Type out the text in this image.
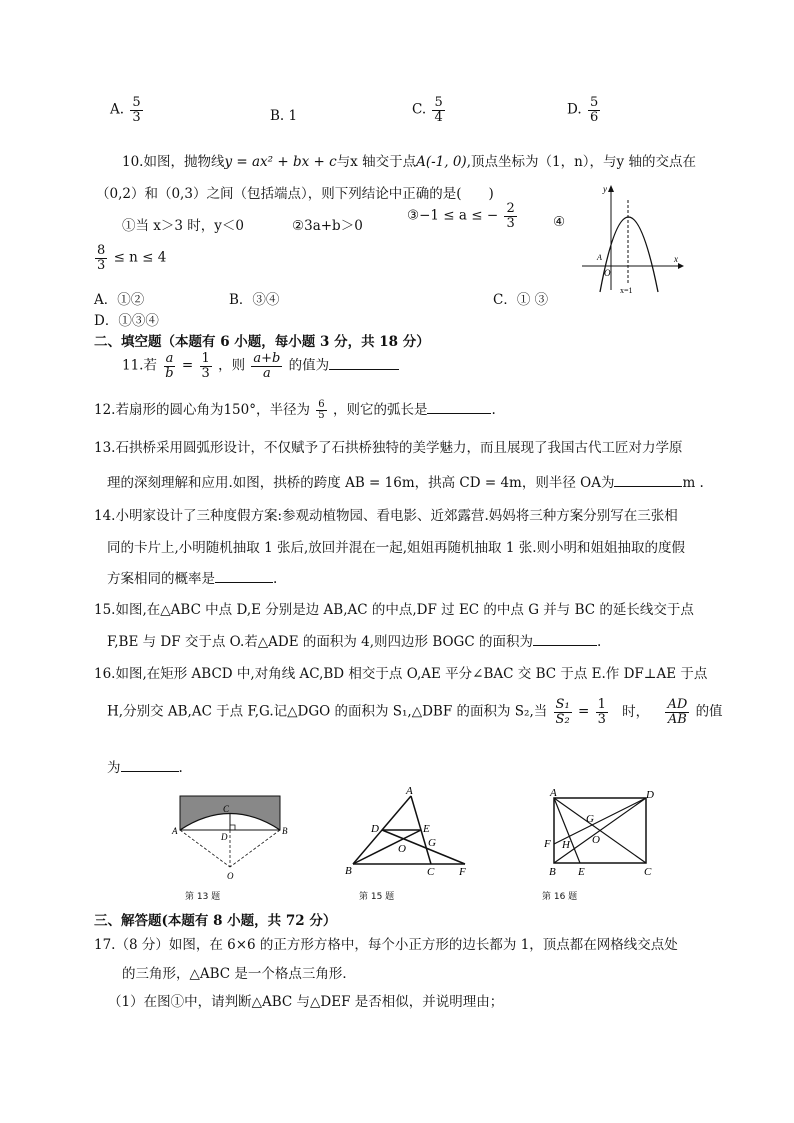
A. $\frac{5}{3}$	B. 1	C. $\frac{5}{4}$	D. $\frac{5}{6}$
10.如图，抛物线y = ax² + bx + c与x 轴交于点A(-1, 0),顶点坐标为（1，n），与y 轴的交点在
（0,2）和（0,3）之间（包括端点），则下列结论中正确的是(　　)
①当 x＞3 时，y＜0	②3a+b＞0
③−1 ≤ a ≤ − $\frac{2}{3}$	④
$\frac{8}{3} \le n \le 4$
A．①②	B．③④	C．① ③
D．①③④
y
x
A
O
x=1
二、填空题（本题有 6 小题，每小题 3 分，共 18 分）
11.若 $\frac{a}{b} = \frac{1}{3}$ ，则 $\frac{a+b}{a}$ 的值为
12.若扇形的圆心角为150°，半径为 $\frac{6}{5}$ ，则它的弧长是	.
13.石拱桥采用圆弧形设计，不仅赋予了石拱桥独特的美学魅力，而且展现了我国古代工匠对力学原
理的深刻理解和应用.如图，拱桥的跨度 AB = 16m，拱高 CD = 4m，则半径 OA为	m .
14.小明家设计了三种度假方案:参观动植物园、看电影、近郊露营.妈妈将三种方案分别写在三张相
同的卡片上,小明随机抽取 1 张后,放回并混在一起,姐姐再随机抽取 1 张.则小明和姐姐抽取的度假
方案相同的概率是	.
15.如图,在△ABC 中点 D,E 分别是边 AB,AC 的中点,DF 过 EC 的中点 G 并与 BC 的延长线交于点
F,BE 与 DF 交于点 O.若△ADE 的面积为 4,则四边形 BOGC 的面积为	.
16.如图,在矩形 ABCD 中,对角线 AC,BD 相交于点 O,AE 平分∠BAC 交 BC 于点 E.作 DF⊥AE 于点
H,分别交 AB,AC 于点 F,G.记△DGO 的面积为 S₁,△DBF 的面积为 S₂,当 $\frac{\text{S₁}}{\text{S₂}} = \frac{1}{3}$ 时， $\frac{AD}{AB}$ 的值
为	.
A	B
C
D
O
第 13 题
A
B	C
D	E
F
G
O
第 15 题
A
B	C
D
E
F
G
H O
第 16 题
三、解答题(本题有 8 小题，共 72 分）
17.（8 分）如图，在 6×6 的正方形方格中，每个小正方形的边长都为 1，顶点都在网格线交点处
的三角形，△ABC 是一个格点三角形．
（1）在图①中，请判断△ABC 与△DEF 是否相似，并说明理由；
